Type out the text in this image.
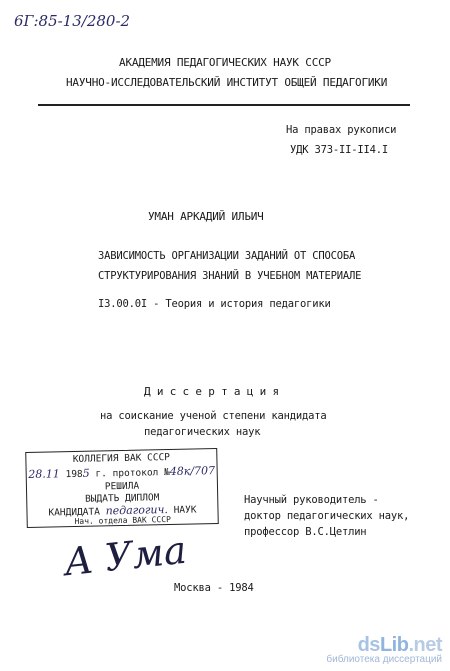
6Г:85-13/280-2
АКАДЕМИЯ ПЕДАГОГИЧЕСКИХ НАУК СССР
НАУЧНО-ИССЛЕДОВАТЕЛЬСКИЙ ИНСТИТУТ ОБЩЕЙ ПЕДАГОГИКИ
На правах рукописи
УДК 373-II-II4.I
УМАН АРКАДИЙ ИЛЬИЧ
ЗАВИСИМОСТЬ ОРГАНИЗАЦИИ ЗАДАНИЙ ОТ СПОСОБА
СТРУКТУРИРОВАНИЯ ЗНАНИЙ В УЧЕБНОМ МАТЕРИАЛЕ
I3.00.0I - Теория и история педагогики
Д и с с е р т а ц и я
на соискание ученой степени кандидата
педагогических наук
КОЛЛЕГИЯ ВАК СССР
28.11 1985 г. протокол №48к/707
РЕШИЛА
ВЫДАТЬ ДИПЛОМ
КАНДИДАТА педагогич. НАУК
Нач. отдела ВАК СССР
Научный руководитель -
доктор педагогических наук,
профессор В.С.Цетлин
А Ума
Москва - 1984
dsLib.net
библиотека диссертаций
